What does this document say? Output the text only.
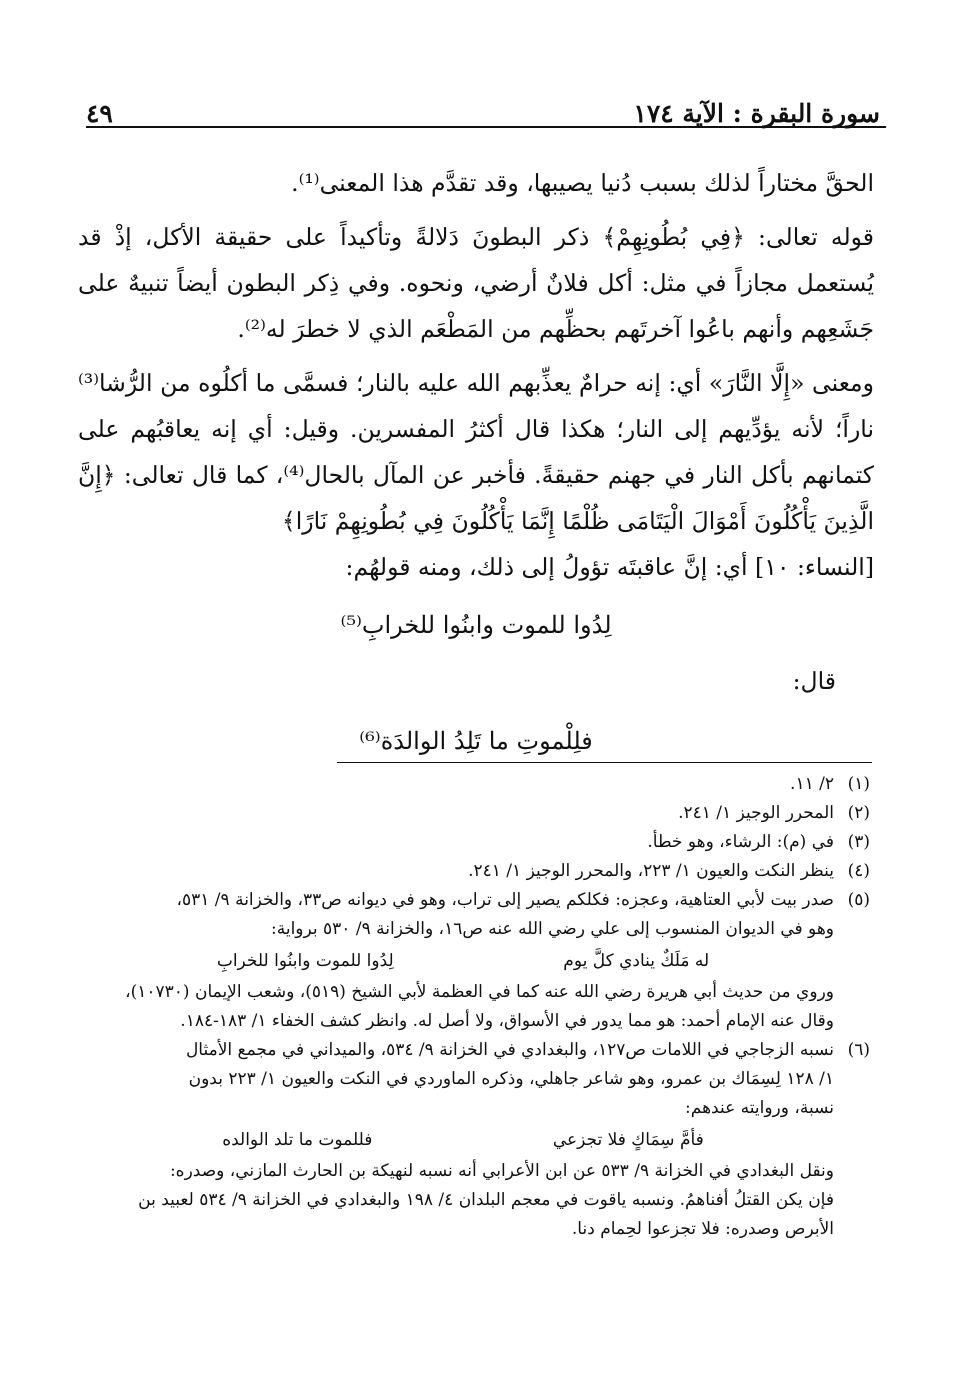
سورة البقرة : الآية ١٧٤
٤٩

الحقَّ مختاراً لذلك بسبب دُنيا يصيبها، وقد تقدَّم هذا المعنى⁽¹⁾.

قوله تعالى: ﴿فِي بُطُونِهِمْ﴾ ذكر البطونَ دَلالةً وتأكيداً على حقيقة الأكل، إذْ قد يُستعمل مجازاً في مثل: أكل فلانٌ أرضي، ونحوه. وفي ذِكر البطون أيضاً تنبيهٌ على جَشَعِهم وأنهم باعُوا آخرتَهم بحظِّهم من المَطْعَم الذي لا خطرَ له⁽²⁾.

ومعنى «إِلَّا النَّارَ» أي: إنه حرامٌ يعذِّبهم الله عليه بالنار؛ فسمَّى ما أكلُوه من الرُّشا⁽³⁾ ناراً؛ لأنه يؤدِّيهم إلى النار؛ هكذا قال أكثرُ المفسرين. وقيل: أي إنه يعاقبُهم على كتمانهم بأكل النار في جهنم حقيقةً. فأخبر عن المآل بالحال⁽⁴⁾، كما قال تعالى: ﴿إِنَّ الَّذِينَ يَأْكُلُونَ أَمْوَالَ الْيَتَامَى ظُلْمًا إِنَّمَا يَأْكُلُونَ فِي بُطُونِهِمْ نَارًا﴾

[النساء: ١٠] أي: إنَّ عاقبتَه تؤولُ إلى ذلك، ومنه قولهُم:

لِدُوا للموت وابنُوا للخرابِ⁽⁵⁾
قال:
فلِلْموتِ ما تَلِدُ الوالدَة⁽⁶⁾
(١)
٢/ ١١.
(٢)
المحرر الوجيز ١/ ٢٤١.
(٣)
في (م): الرشاء، وهو خطأ.
(٤)
ينظر النكت والعيون ١/ ٢٢٣، والمحرر الوجيز ١/ ٢٤١.
(٥)
صدر بيت لأبي العتاهية، وعجزه: فكلكم يصير إلى تراب، وهو في ديوانه ص٣٣، والخزانة ٩/ ٥٣١،
وهو في الديوان المنسوب إلى علي رضي الله عنه ص١٦، والخزانة ٩/ ٥٣٠ برواية:
له مَلَكٌ ينادي كلَّ يوم
لِدُوا للموت وابنُوا للخرابِ
وروي من حديث أبي هريرة رضي الله عنه كما في العظمة لأبي الشيخ (٥١٩)، وشعب الإيمان (١٠٧٣٠)،
وقال عنه الإمام أحمد: هو مما يدور في الأسواق، ولا أصل له. وانظر كشف الخفاء ١/ ١٨٣-١٨٤.
(٦)
نسبه الزجاجي في اللامات ص١٢٧، والبغدادي في الخزانة ٩/ ٥٣٤، والميداني في مجمع الأمثال
١/ ١٢٨ لِسِمَاك بن عمرو، وهو شاعر جاهلي، وذكره الماوردي في النكت والعيون ١/ ٢٢٣ بدون
نسبة، وروايته عندهم:
فأمَّ سِمَاكٍ فلا تجزعي
فللموت ما تلد الوالده
ونقل البغدادي في الخزانة ٩/ ٥٣٣ عن ابن الأعرابي أنه نسبه لنهيكة بن الحارث المازني، وصدره:
فإن يكن القتلُ أفناهمُ. ونسبه ياقوت في معجم البلدان ٤/ ١٩٨ والبغدادي في الخزانة ٩/ ٥٣٤ لعبيد بن
الأبرص وصدره: فلا تجزعوا لحِمام دنا.
